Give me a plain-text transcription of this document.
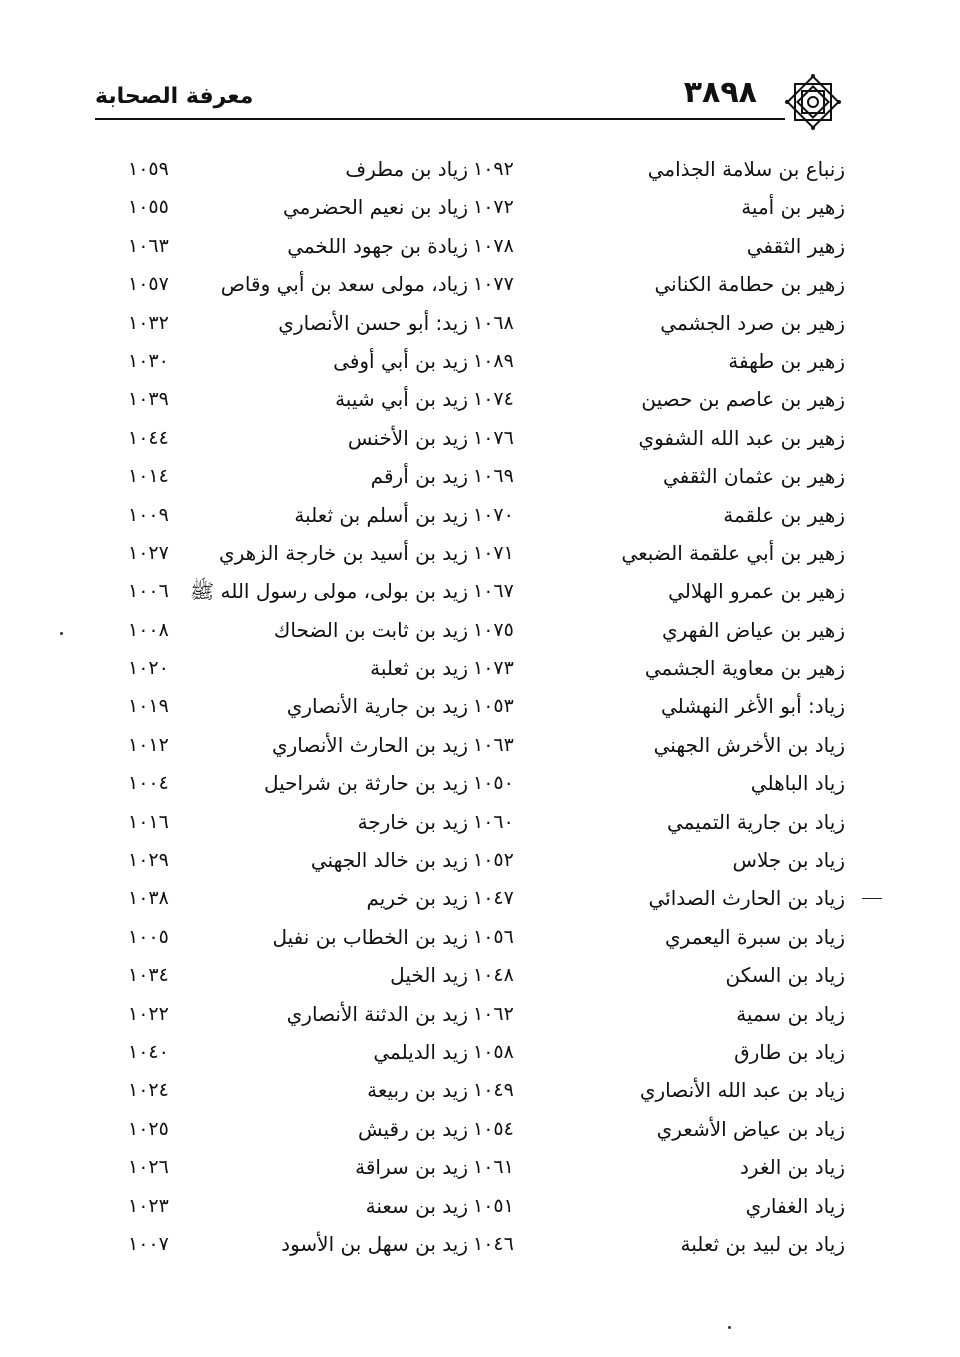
٣٨٩٨
معرفة الصحابة
زنباع بن سلامة الجذامي
١٠٩٢
زهير بن أمية
١٠٧٢
زهير الثقفي
١٠٧٨
زهير بن حطامة الكناني
١٠٧٧
زهير بن صرد الجشمي
١٠٦٨
زهير بن طهفة
١٠٨٩
زهير بن عاصم بن حصين
١٠٧٤
زهير بن عبد الله الشفوي
١٠٧٦
زهير بن عثمان الثقفي
١٠٦٩
زهير بن علقمة
١٠٧٠
زهير بن أبي علقمة الضبعي
١٠٧١
زهير بن عمرو الهلالي
١٠٦٧
زهير بن عياض الفهري
١٠٧٥
زهير بن معاوية الجشمي
١٠٧٣
زياد: أبو الأغر النهشلي
١٠٥٣
زياد بن الأخرش الجهني
١٠٦٣
زياد الباهلي
١٠٥٠
زياد بن جارية التميمي
١٠٦٠
زياد بن جلاس
١٠٥٢
زياد بن الحارث الصدائي
١٠٤٧
زياد بن سبرة اليعمري
١٠٥٦
زياد بن السكن
١٠٤٨
زياد بن سمية
١٠٦٢
زياد بن طارق
١٠٥٨
زياد بن عبد الله الأنصاري
١٠٤٩
زياد بن عياض الأشعري
١٠٥٤
زياد بن الغرد
١٠٦١
زياد الغفاري
١٠٥١
زياد بن لبيد بن ثعلبة
١٠٤٦
زياد بن مطرف
١٠٥٩
زياد بن نعيم الحضرمي
١٠٥٥
زيادة بن جهود اللخمي
١٠٦٣
زياد، مولى سعد بن أبي وقاص
١٠٥٧
زيد: أبو حسن الأنصاري
١٠٣٢
زيد بن أبي أوفى
١٠٣٠
زيد بن أبي شيبة
١٠٣٩
زيد بن الأخنس
١٠٤٤
زيد بن أرقم
١٠١٤
زيد بن أسلم بن ثعلبة
١٠٠٩
زيد بن أسيد بن خارجة الزهري
١٠٢٧
زيد بن بولى، مولى رسول الله ﷺ
١٠٠٦
زيد بن ثابت بن الضحاك
١٠٠٨
زيد بن ثعلبة
١٠٢٠
زيد بن جارية الأنصاري
١٠١٩
زيد بن الحارث الأنصاري
١٠١٢
زيد بن حارثة بن شراحيل
١٠٠٤
زيد بن خارجة
١٠١٦
زيد بن خالد الجهني
١٠٢٩
زيد بن خريم
١٠٣٨
زيد بن الخطاب بن نفيل
١٠٠٥
زيد الخيل
١٠٣٤
زيد بن الدثنة الأنصاري
١٠٢٢
زيد الديلمي
١٠٤٠
زيد بن ربيعة
١٠٢٤
زيد بن رقيش
١٠٢٥
زيد بن سراقة
١٠٢٦
زيد بن سعنة
١٠٢٣
زيد بن سهل بن الأسود
١٠٠٧
